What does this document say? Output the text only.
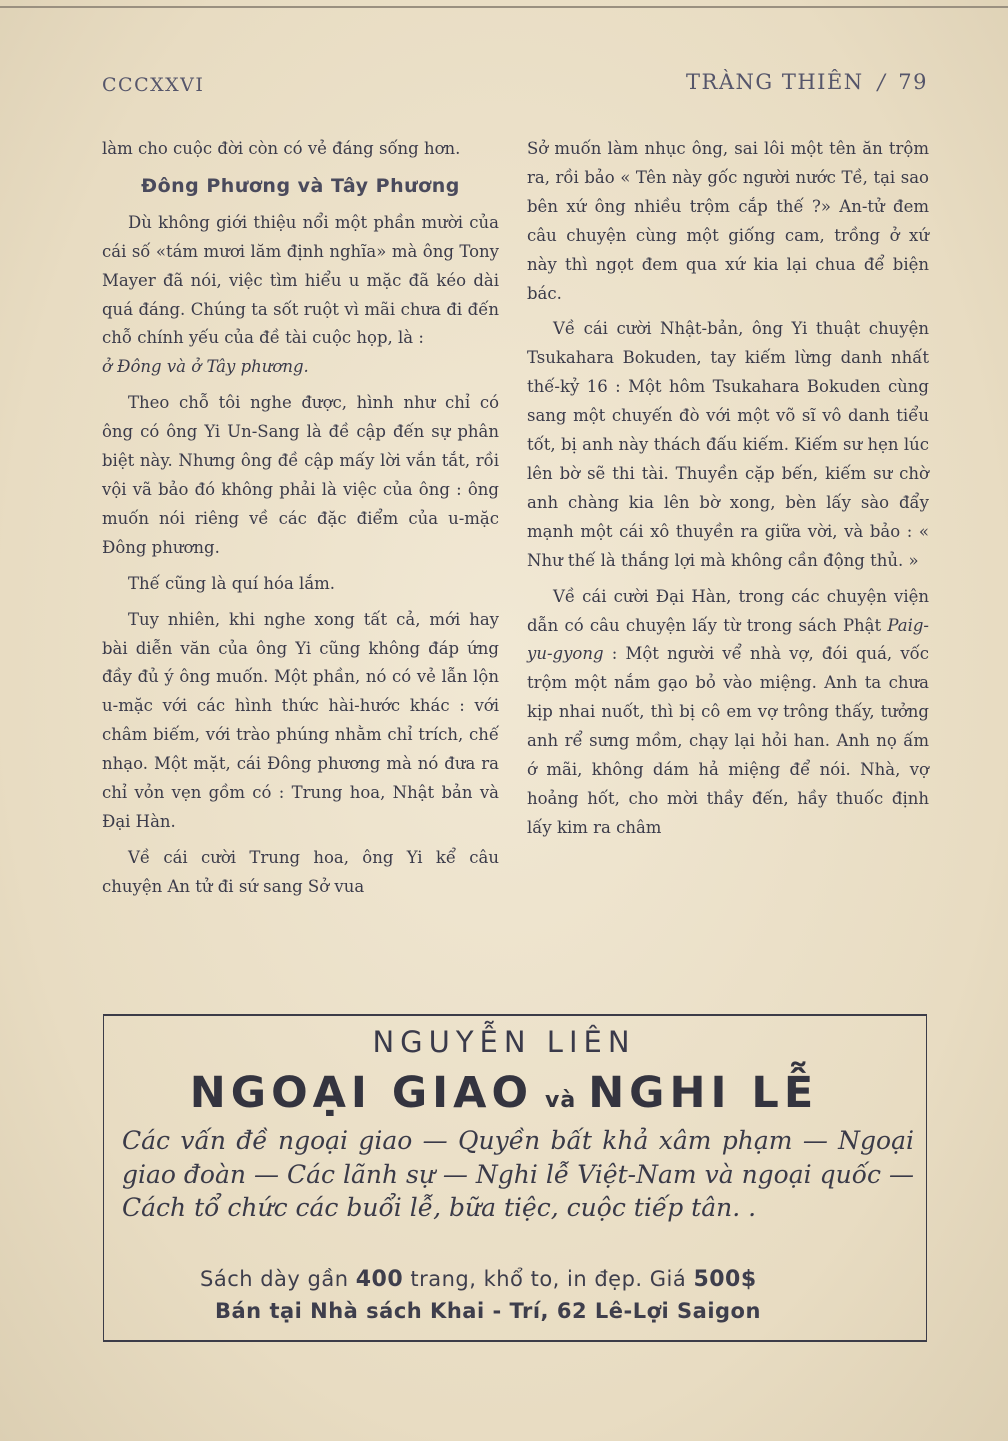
CCCXXVI	TRÀNG THIÊN / 79

làm cho cuộc đời còn có vẻ đáng sống hơn.

Đông Phương và Tây Phương

Dù không giới thiệu nổi một phần mười của cái số «tám mươi lăm định nghĩa» mà ông Tony Mayer đã nói, việc tìm hiểu u mặc đã kéo dài quá đáng. Chúng ta sốt ruột vì mãi chưa đi đến chỗ chính yếu của đề tài cuộc họp, là :
ở Đông và ở Tây phương.

Theo chỗ tôi nghe được, hình như chỉ có ông có ông Yi Un-Sang là đề cập đến sự phân biệt này. Nhưng ông đề cập mấy lời vắn tắt, rồi vội vã bảo đó không phải là việc của ông : ông muốn nói riêng về các đặc điểm của u-mặc Đông phương.

Thế cũng là quí hóa lắm.

Tuy nhiên, khi nghe xong tất cả, mới hay bài diễn văn của ông Yi cũng không đáp ứng đầy đủ ý ông muốn. Một phần, nó có vẻ lẫn lộn u-mặc với các hình thức hài-hước khác : với châm biếm, với trào phúng nhằm chỉ trích, chế nhạo. Một mặt, cái Đông phương mà nó đưa ra chỉ vỏn vẹn gồm có : Trung hoa, Nhật bản và Đại Hàn.

Về cái cười Trung hoa, ông Yi kể câu chuyện An tử đi sứ sang Sở vua

Sở muốn làm nhục ông, sai lôi một tên ăn trộm ra, rồi bảo « Tên này gốc người nước Tề, tại sao bên xứ ông nhiều trộm cắp thế ?» An-tử đem câu chuyện cùng một giống cam, trồng ở xứ này thì ngọt đem qua xứ kia lại chua để biện bác.

Về cái cười Nhật-bản, ông Yi thuật chuyện Tsukahara Bokuden, tay kiếm lừng danh nhất thế-kỷ 16 : Một hôm Tsukahara Bokuden cùng sang một chuyến đò với một võ sĩ vô danh tiểu tốt, bị anh này thách đấu kiếm. Kiếm sư hẹn lúc lên bờ sẽ thi tài. Thuyền cặp bến, kiếm sư chờ anh chàng kia lên bờ xong, bèn lấy sào đẩy mạnh một cái xô thuyền ra giữa vời, và bảo : « Như thế là thắng lợi mà không cần động thủ. »

Về cái cười Đại Hàn, trong các chuyện viện dẫn có câu chuyện lấy từ trong sách Phật Paig-yu-gyong : Một người vể nhà vợ, đói quá, vốc trộm một nắm gạo bỏ vào miệng. Anh ta chưa kịp nhai nuốt, thì bị cô em vợ trông thấy, tưởng anh rể sưng mồm, chạy lại hỏi han. Anh nọ ấm ớ mãi, không dám hả miệng để nói. Nhà, vợ hoảng hốt, cho mời thầy đến, hầy thuốc định lấy kim ra châm

NGUYỄN LIÊN
NGOẠI GIAO và NGHI LỄ
Các vấn đề ngoại giao — Quyền bất khả xâm phạm — Ngoại giao đoàn — Các lãnh sự — Nghi lễ Việt-Nam và ngoại quốc — Cách tổ chức các buổi lễ, bữa tiệc, cuộc tiếp tân. .
Sách dày gần 400 trang, khổ to, in đẹp. Giá 500$
Bán tại Nhà sách Khai - Trí, 62 Lê-Lợi Saigon
